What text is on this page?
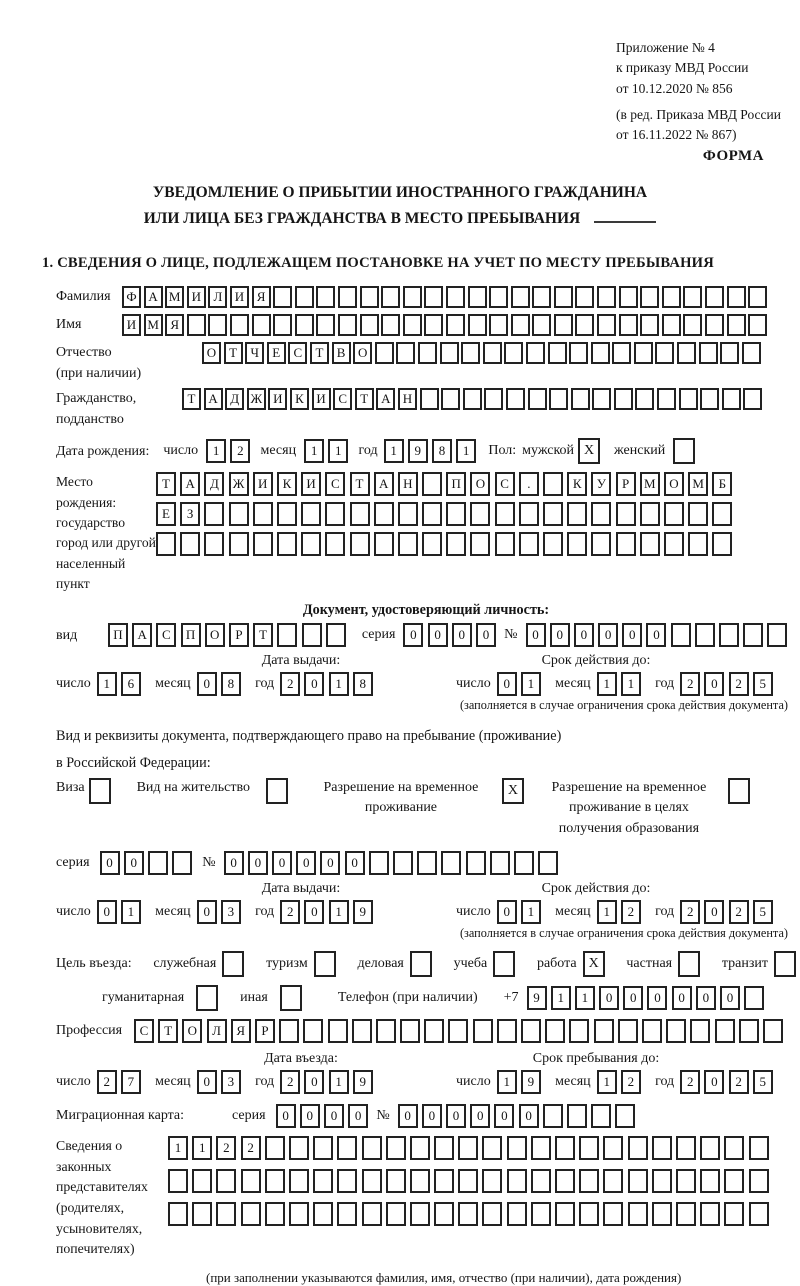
Приложение № 4
к приказу МВД России
от 10.12.2020 № 856
(в ред. Приказа МВД России
от 16.11.2022 № 867)
ФОРМА
УВЕДОМЛЕНИЕ О ПРИБЫТИИ ИНОСТРАННОГО ГРАЖДАНИНА
ИЛИ ЛИЦА БЕЗ ГРАЖДАНСТВА В МЕСТО ПРЕБЫВАНИЯ
1. СВЕДЕНИЯ О ЛИЦЕ, ПОДЛЕЖАЩЕМ ПОСТАНОВКЕ НА УЧЕТ ПО МЕСТУ ПРЕБЫВАНИЯ
Фамилия	Ф А М И Л И Я
Имя	И М Я
Отчество
(при наличии)
О Т	Ч	Е	С	Т	В О
Гражданство,
подданство
Т А Д Ж И К И С	Т А Н
Дата рождения: число	1	2	месяц	1	1	год 1	9	8	1	Пол: мужской X	женский
Место рождения:
государство
город или другой
населенный пункт
Т	А	Д	Ж	И	К	И	С	Т	А	Н	П	О	С	.	К	У	Р	М	О	М	Б
Е	З
Документ, удостоверяющий личность:
вид	П	А	С	П	О	Р	Т	серия	0	0	0	0	№	0	0	0	0	0	0
Дата выдачи:
число 1	6	месяц 0	8	год 2	0	1	8
Срок действия до:
число 0	1	месяц 1	1	год 2	0	2	5
(заполняется в случае ограничения срока действия документа)
Вид и реквизиты документа, подтверждающего право на пребывание (проживание)
в Российской Федерации:
Виза	Вид на жительство	Разрешение на временное проживание
X	Разрешение на временное проживание в целях получения образования
серия	0	0	№	0	0	0	0	0	0
Дата выдачи:
число 0	1	месяц 0	3	год 2	0	1	9
Срок действия до:
число 0	1	месяц 1	2	год 2	0	2	5
(заполняется в случае ограничения срока действия документа)
Цель въезда: служебная	туризм	деловая	учеба	работа X	частная	транзит
гуманитарная	иная	Телефон (при наличии) +7	9	1	1	0	0	0	0	0	0
Профессия	С	Т	О	Л	Я	Р
Дата въезда:
число 2	7	месяц 0	3	год 2	0	1	9
Срок пребывания до:
число 1	9	месяц 1	2	год 2	0	2	5
Миграционная карта:	серия	0	0	0	0	№	0	0	0	0	0	0
Сведения о
законных
представителях
(родителях,
усыновителях,
попечителях)
1	1	2	2
(при заполнении указываются фамилия, имя, отчество (при наличии), дата рождения)
